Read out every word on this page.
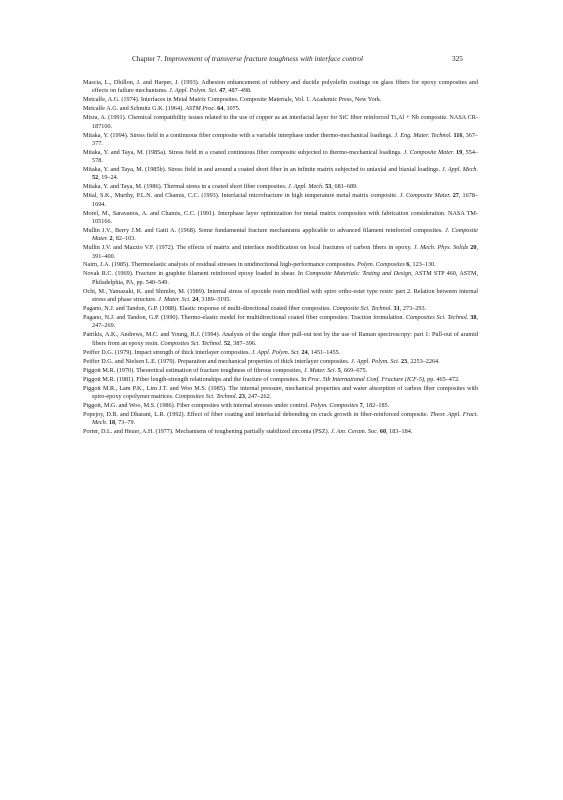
Chapter 7. Improvement of transverse fracture toughness with interface control	325

Mascia, L., Dhillon, J. and Harper, J. (1993). Adhesion enhancement of rubbery and ductile polyolefin coatings on glass fibers for epoxy composites and effects on failure mechanisms. J. Appl. Polym. Sci. 47, 487–498.

Metcalfe, A.G. (1974). Interfaces in Metal Matrix Composites. Composite Materials, Vol. 1. Academic Press, New York.

Metcalfe A.G. and Schmitz G.K. (1964). ASTM Proc. 64, 1075.

Misra, A. (1991). Chemical compatibility issues related to the use of copper as an interfacial layer for SiC fiber reinforced Ti₃Al + Nb composite. NASA CR-187100.

Mitaka, Y. (1994). Stress field in a continuous fiber composite with a variable interphase under thermo-mechanical loadings. J. Eng. Mater. Technol. 116, 367–377.

Mitaka, Y. and Taya, M. (1985a). Stress field in a coated continuous fiber composite subjected to thermo-mechanical loadings. J. Composite Mater. 19, 554–578.

Mitaka, Y. and Taya, M. (1985b). Stress field in and around a coated short fiber in an infinite matrix subjected to uniaxial and biaxial loadings. J. Appl. Mech. 52, 19–24.

Mitaka, Y. and Taya, M. (1986). Thermal stress in a coated short fiber composites. J. Appl. Mech. 53, 681–689.

Mital, S.K., Murthy, P.L.N. and Chamis, C.C. (1993). Interfacial microfracture in high temperature metal matrix composite. J. Composite Mater. 27, 1678–1694.

Morel, M., Saravanos, A. and Chamis, C.C. (1991). Interphase layer optimization for metal matrix composites with fabrication consideration. NASA TM-105166.

Mullin J.V., Berry J.M. and Gatti A. (1968). Some fundamental fracture mechanisms applicable to advanced filament reinforced composites. J. Composite Mater. 2, 82–103.

Mullin J.V. and Mazzio V.F. (1972). The effects of matrix and interface modification on local fractures of carbon fibers in epoxy. J. Mech. Phys. Solids 20, 391–400.

Nairn, J.A. (1985). Thermoelastic analysis of residual stresses in unidirectional high-performance composites. Polym. Composites 6, 123–130.

Novak R.C. (1969). Fracture in graphite filament reinforced epoxy loaded in shear. In Composite Materials: Testing and Design, ASTM STP 460, ASTM, Philadelphia, PA, pp. 540–549.

Ochi, M., Yamazaki, K. and Shimbo, M. (1989). Internal stress of epoxide resin modified with spiro ortho-ester type resin: part 2. Relation between internal stress and phase structure. J. Mater. Sci. 24, 3189–3195.

Pagano, N.J. and Tandon, G.P. (1988). Elastic response of multi-directional coated fiber composites. Composite Sci. Technol. 31, 273–293.

Pagano, N.J. and Tandon, G.P. (1990). Thermo-elastic model for multidirectional coated fiber composites: Traction formulation. Composites Sci. Technol. 38, 247–269.

Patrikis, A.K., Andrews, M.C. and Young, R.J. (1994). Analysis of the single fiber pull-out test by the use of Raman spectroscopy: part 1: Pull-out of aramid fibers from an epoxy resin. Composites Sci. Technol. 52, 387–396.

Peiffer D.G. (1979). Impact strength of thick interlayer composites. J. Appl. Polym. Sci. 24, 1451–1455.

Peiffer D.G. and Nielsen L.E. (1979). Preparation and mechanical properties of thick interlayer composites. J. Appl. Polym. Sci. 23, 2253–2264.

Piggott M.R. (1970). Theoretical estimation of fracture toughness of fibrous composites, J. Mater. Sci. 5, 669–675.

Piggott M.R. (1981). Fiber length-strength relationships and the fracture of composites. In Proc. 5th International Conf. Fracture (ICF-5), pp. 465–472.

Piggott M.R., Lam P.K., Lim J.T. and Woo M.S. (1985). The internal pressure, mechanical properties and water absorption of carbon fiber composites with spiro-epoxy copolymer matrices. Composites Sci. Technol. 23, 247–262.

Piggott, M.G. and Woo, M.S. (1986). Fiber composites with internal stresses under control. Polym. Composites 7, 182–185.

Popejoy, D.B. and Dharani, L.R. (1992). Effect of fiber coating and interfacial debonding on crack growth in fiber-reinforced composite. Theor. Appl. Fract. Mech. 18, 73–79.

Porter, D.L. and Heuer, A.H. (1977). Mechanisms of toughening partially stabilized zirconia (PSZ). J. Am. Ceram. Soc. 60, 183–184.
